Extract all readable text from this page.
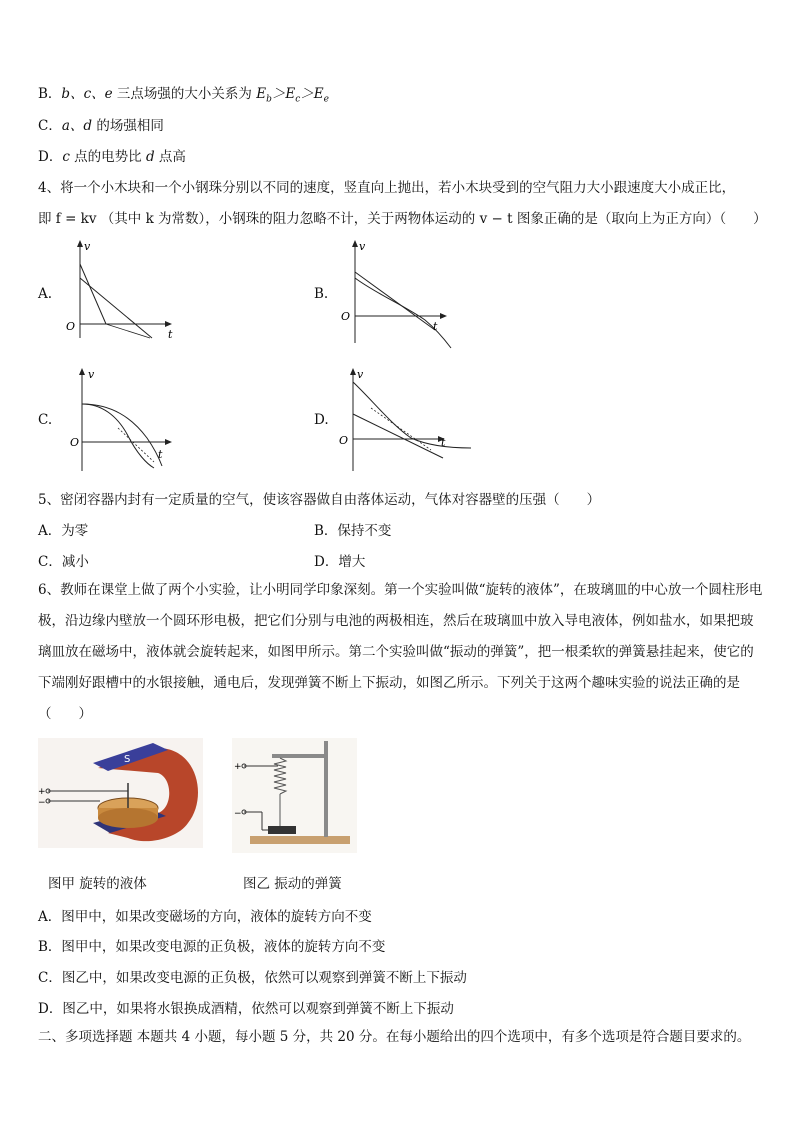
B．b、c、e 三点场强的大小关系为 $E_b>E_c>E_e$
C．a、d 的场强相同
D．c 点的电势比 d 点高
4、将一个小木块和一个小钢珠分别以不同的速度，竖直向上抛出，若小木块受到的空气阻力大小跟速度大小成正比，
即 f = kv （其中 k 为常数），小钢珠的阻力忽略不计，关于两物体运动的 v − t 图象正确的是（取向上为正方向）（　　）
A.
v
O
t
B.
v
O
t
C.
v
O
t
D.
v
O	t
5、密闭容器内封有一定质量的空气，使该容器做自由落体运动，气体对容器壁的压强（　　）
A．为零	B．保持不变
C．减小	D．增大
6、教师在课堂上做了两个小实验，让小明同学印象深刻。第一个实验叫做“旋转的液体”，在玻璃皿的中心放一个圆柱形电极，沿边缘内壁放一个圆环形电极，把它们分别与电池的两极相连，然后在玻璃皿中放入导电液体，例如盐水，如果把玻璃皿放在磁场中，液体就会旋转起来，如图甲所示。第二个实验叫做“振动的弹簧”，把一根柔软的弹簧悬挂起来，使它的下端刚好跟槽中的水银接触，通电后，发现弹簧不断上下振动，如图乙所示。下列关于这两个趣味实验的说法正确的是（　　）
S
+
−
+
−
图甲 旋转的液体	图乙 振动的弹簧
A．图甲中，如果改变磁场的方向，液体的旋转方向不变
B．图甲中，如果改变电源的正负极，液体的旋转方向不变
C．图乙中，如果改变电源的正负极，依然可以观察到弹簧不断上下振动
D．图乙中，如果将水银换成酒精，依然可以观察到弹簧不断上下振动
二、多项选择题 本题共 4 小题，每小题 5 分，共 20 分。在每小题给出的四个选项中，有多个选项是符合题目要求的。
